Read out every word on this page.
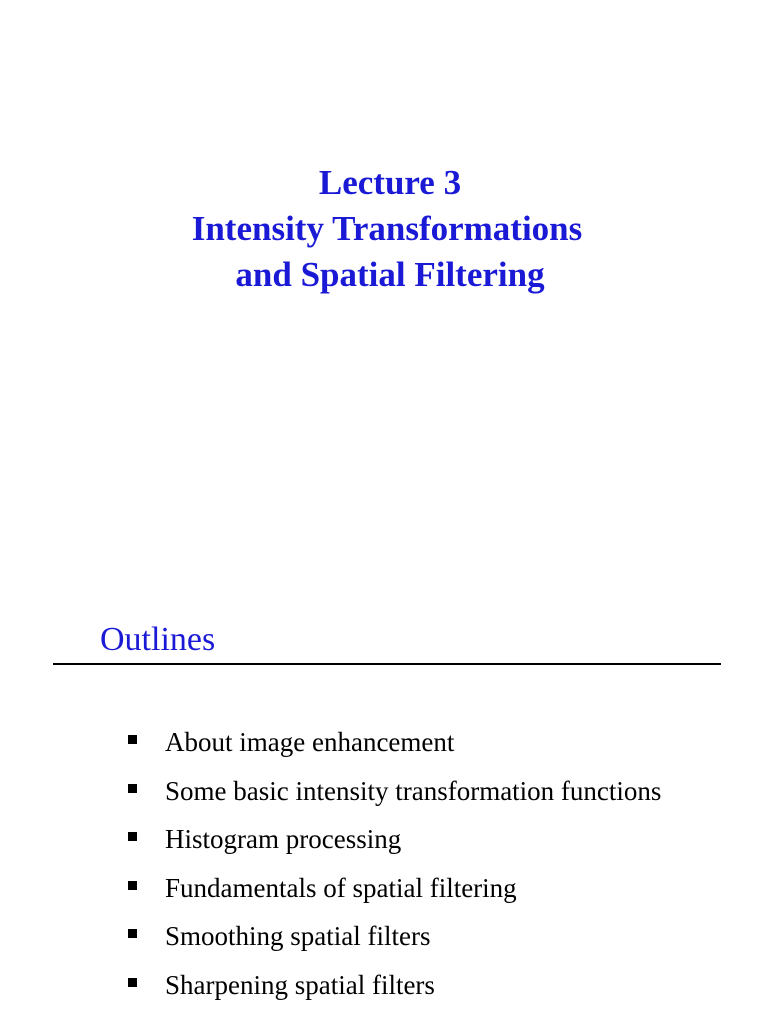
Lecture 3
Intensity Transformations
and Spatial Filtering
Outlines
About image enhancement
Some basic intensity transformation functions
Histogram processing
Fundamentals of spatial filtering
Smoothing spatial filters
Sharpening spatial filters
